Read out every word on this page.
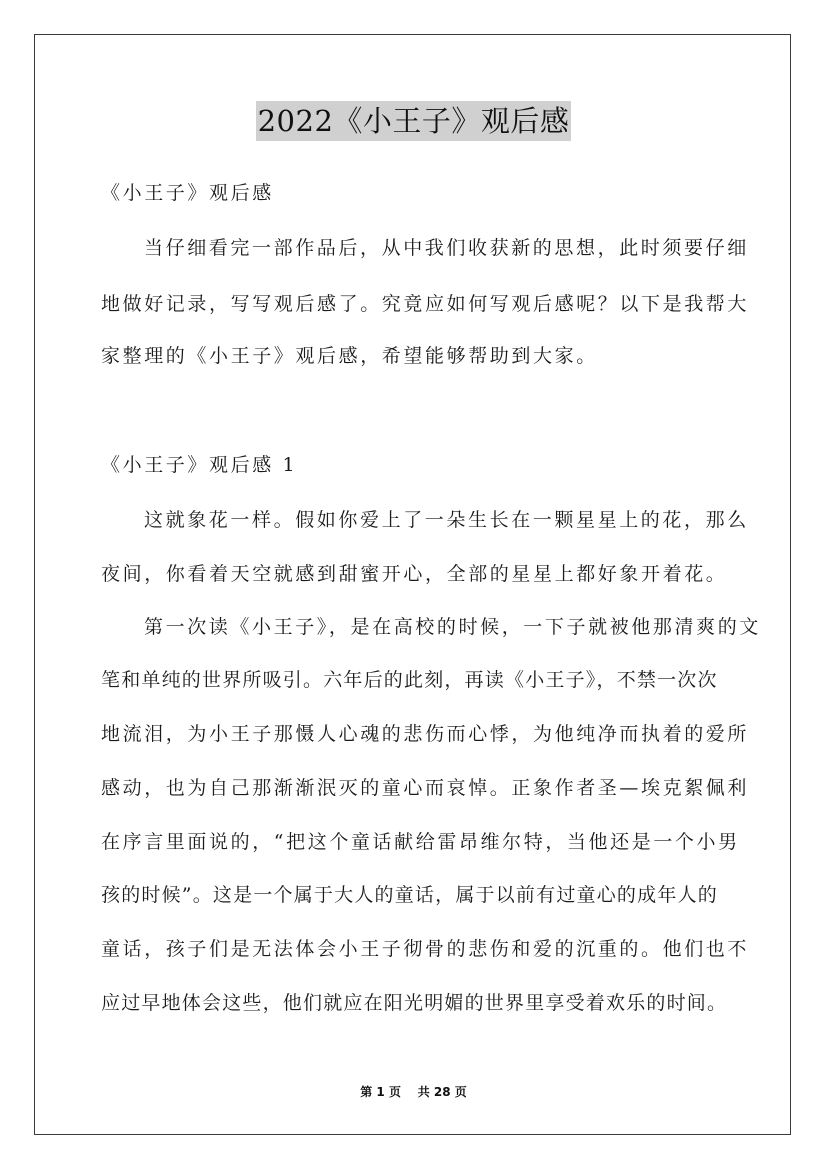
2022《小王子》观后感
《小王子》观后感
当仔细看完一部作品后，从中我们收获新的思想，此时须要仔细
地做好记录，写写观后感了。究竟应如何写观后感呢？以下是我帮大
家整理的《小王子》观后感，希望能够帮助到大家。
《小王子》观后感 1
这就象花一样。假如你爱上了一朵生长在一颗星星上的花，那么
夜间，你看着天空就感到甜蜜开心，全部的星星上都好象开着花。
第一次读《小王子》，是在高校的时候，一下子就被他那清爽的文
笔和单纯的世界所吸引。六年后的此刻，再读《小王子》，不禁一次次
地流泪，为小王子那慑人心魂的悲伤而心悸，为他纯净而执着的爱所
感动，也为自己那渐渐泯灭的童心而哀悼。正象作者圣—埃克絮佩利
在序言里面说的，“把这个童话献给雷昂维尔特，当他还是一个小男
孩的时候”。这是一个属于大人的童话，属于以前有过童心的成年人的
童话，孩子们是无法体会小王子彻骨的悲伤和爱的沉重的。他们也不
应过早地体会这些，他们就应在阳光明媚的世界里享受着欢乐的时间。
第 1 页 共 28 页
